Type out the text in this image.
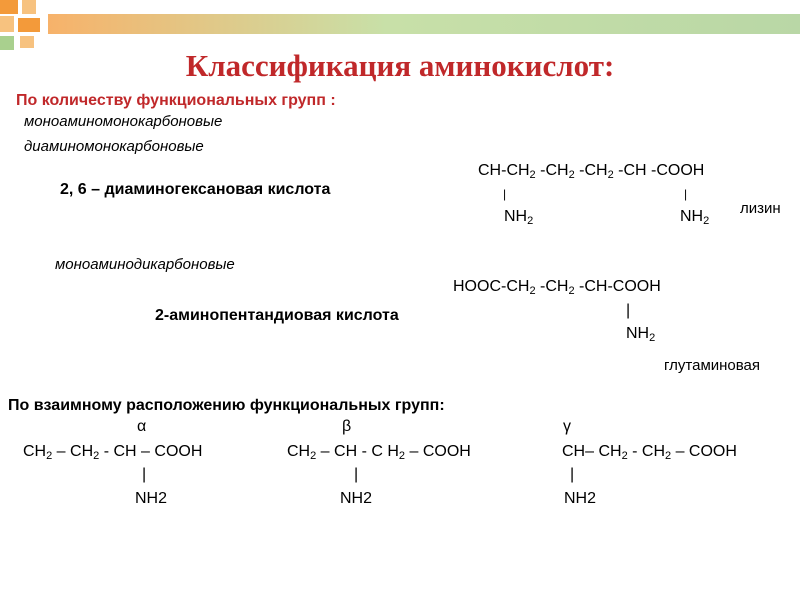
Классификация аминокислот:
По количеству функциональных групп :
моноаминомонокарбоновые
диаминомонокарбоновые
2, 6 – диаминогексановая кислота
$CH-CH_2$ $-CH_2$ $-CH_2$ -CH -COOH
|	|
$NH_2$	$NH_2$
лизин
моноаминодикарбоновые
HOOC-$CH_2$ $-CH_2$ -CH-COOH
2-аминопентандиовая кислота	|
$NH_2$
глутаминовая
По взаимному расположению функциональных групп:
α
$CH_2 - CH_2$ - CH – COOH
|
NH2
β
$CH_2$ – CH - C $H_2$ – COOH
|
NH2
γ
CH– $CH_2 - CH_2$ – COOH
|
NH2
